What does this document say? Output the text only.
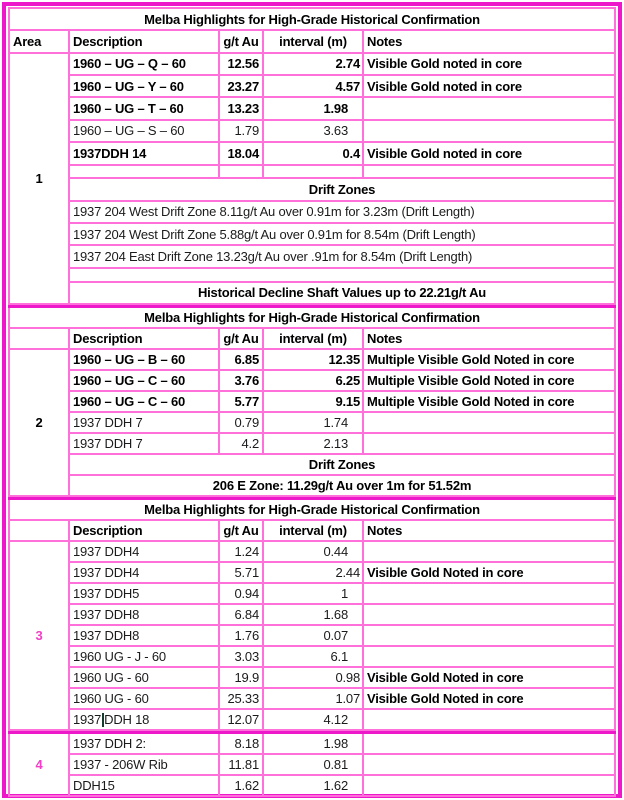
Melba Highlights for High-Grade Historical Confirmation				
Area	Description	g/t Au	interval (m)	Notes
1	1960 – UG – Q – 60	12.56	2.74	Visible Gold noted in core
	1960 – UG – Y – 60	23.27	4.57	Visible Gold noted in core
	1960 – UG – T – 60	13.23	1.98	
	1960 – UG – S – 60	1.79	3.63	
	1937DDH 14	18.04	0.4	Visible Gold noted in core

	Drift Zones			
	1937 204 West Drift Zone 8.11g/t Au over 0.91m for 3.23m (Drift Length)			
	1937 204 West Drift Zone 5.88g/t Au over 0.91m for 8.54m (Drift Length)			
	1937 204 East Drift Zone 13.23g/t Au over .91m for 8.54m (Drift Length)			

	Historical Decline Shaft Values up to 22.21g/t Au			
Melba Highlights for High-Grade Historical Confirmation				
	Description	g/t Au	interval (m)	Notes
2	1960 – UG – B – 60	6.85	12.35	Multiple Visible Gold Noted in core
	1960 – UG – C – 60	3.76	6.25	Multiple Visible Gold Noted in core
	1960 – UG – C – 60	5.77	9.15	Multiple Visible Gold Noted in core
	1937 DDH 7	0.79	1.74	
	1937 DDH 7	4.2	2.13	
	Drift Zones			
	206 E Zone: 11.29g/t Au over 1m for 51.52m			
Melba Highlights for High-Grade Historical Confirmation				
	Description	g/t Au	interval (m)	Notes
3	1937 DDH4	1.24	0.44	
	1937 DDH4	5.71	2.44	Visible Gold Noted in core
	1937 DDH5	0.94	1	
	1937 DDH8	6.84	1.68	
	1937 DDH8	1.76	0.07	
	1960 UG - J - 60	3.03	6.1	
	1960 UG - 60	19.9	0.98	Visible Gold Noted in core
	1960 UG - 60	25.33	1.07	Visible Gold Noted in core
	1937 DDH 18	12.07	4.12	
4	1937 DDH 2:	8.18	1.98	
	1937 - 206W Rib	11.81	0.81	
	DDH15	1.62	1.62	
